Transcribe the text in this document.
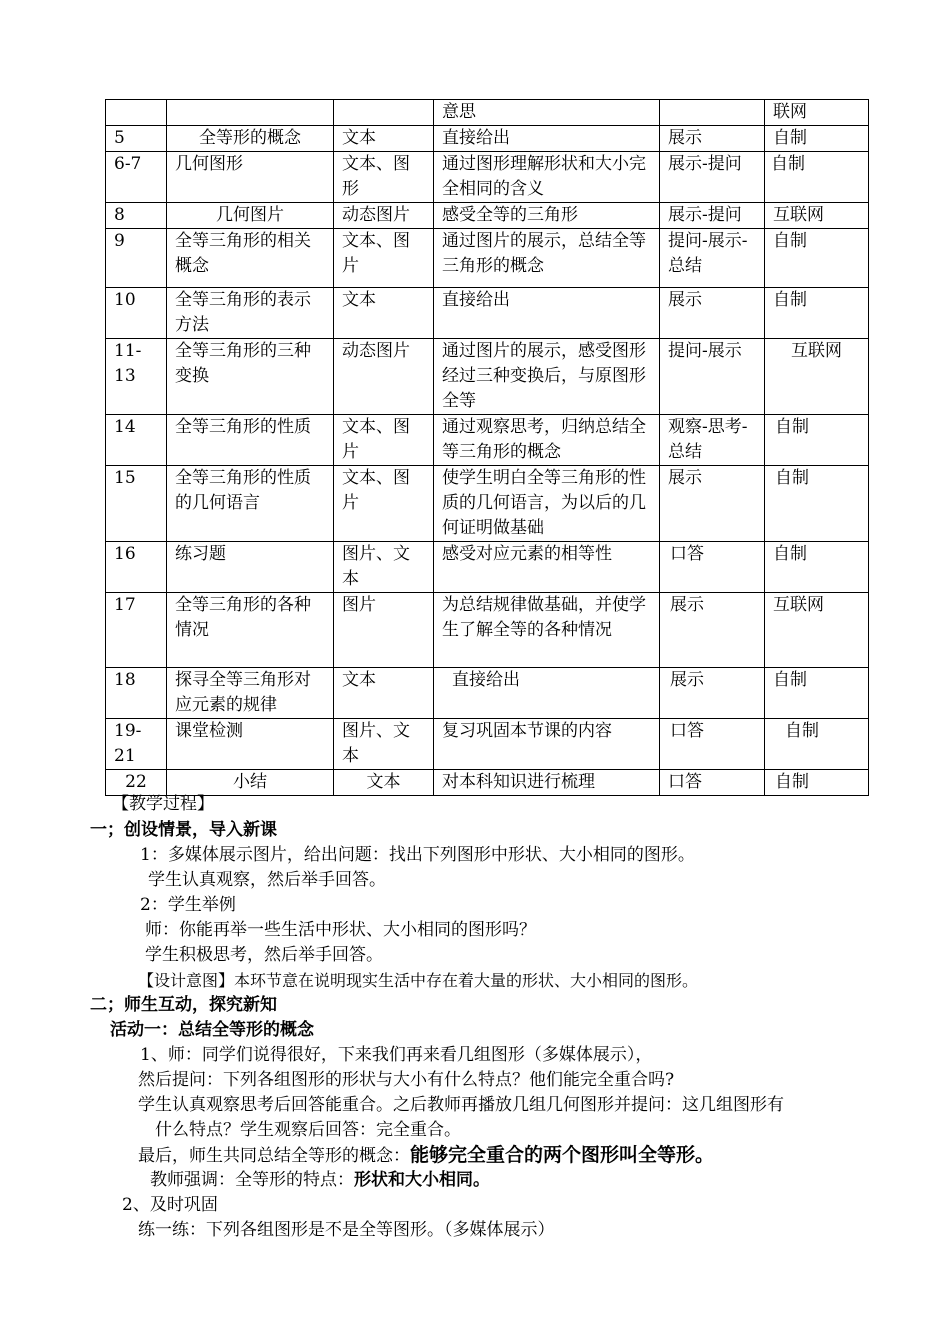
			意思		联网
5	全等形的概念	文本	直接给出	展示	自制
6-7	几何图形	文本、图形	通过图形理解形状和大小完全相同的含义	展示-提问	自制
8	几何图片	动态图片	感受全等的三角形	展示-提问	互联网
9	全等三角形的相关概念	文本、图片	通过图片的展示，总结全等三角形的概念	提问-展示-总结	自制
10	全等三角形的表示方法	文本	直接给出	展示	自制
11-13	全等三角形的三种变换	动态图片	通过图片的展示，感受图形经过三种变换后，与原图形全等	提问-展示	互联网
14	全等三角形的性质	文本、图片	通过观察思考，归纳总结全等三角形的概念	观察-思考-总结	自制
15	全等三角形的性质的几何语言	文本、图片	使学生明白全等三角形的性质的几何语言，为以后的几何证明做基础	展示	自制
16	练习题	图片、文本	感受对应元素的相等性	口答	自制
17	全等三角形的各种情况	图片	为总结规律做基础，并使学生了解全等的各种情况	展示	互联网
18	探寻全等三角形对应元素的规律	文本	直接给出	展示	自制
19-21	课堂检测	图片、文本	复习巩固本节课的内容	口答	自制
22	小结	文本	对本科知识进行梳理	口答	自制
【教学过程】
一；创设情景，导入新课
1：多媒体展示图片，给出问题：找出下列图形中形状、大小相同的图形。
学生认真观察，然后举手回答。
2：学生举例
师：你能再举一些生活中形状、大小相同的图形吗？
学生积极思考，然后举手回答。
【设计意图】本环节意在说明现实生活中存在着大量的形状、大小相同的图形。
二；师生互动，探究新知
活动一：总结全等形的概念
1、师：同学们说得很好，下来我们再来看几组图形（多媒体展示），
然后提问：下列各组图形的形状与大小有什么特点？他们能完全重合吗?
学生认真观察思考后回答能重合。之后教师再播放几组几何图形并提问：这几组图形有
什么特点？学生观察后回答：完全重合。
最后，师生共同总结全等形的概念：能够完全重合的两个图形叫全等形。
教师强调：全等形的特点：形状和大小相同。
2、及时巩固
练一练：下列各组图形是不是全等图形。（多媒体展示）
